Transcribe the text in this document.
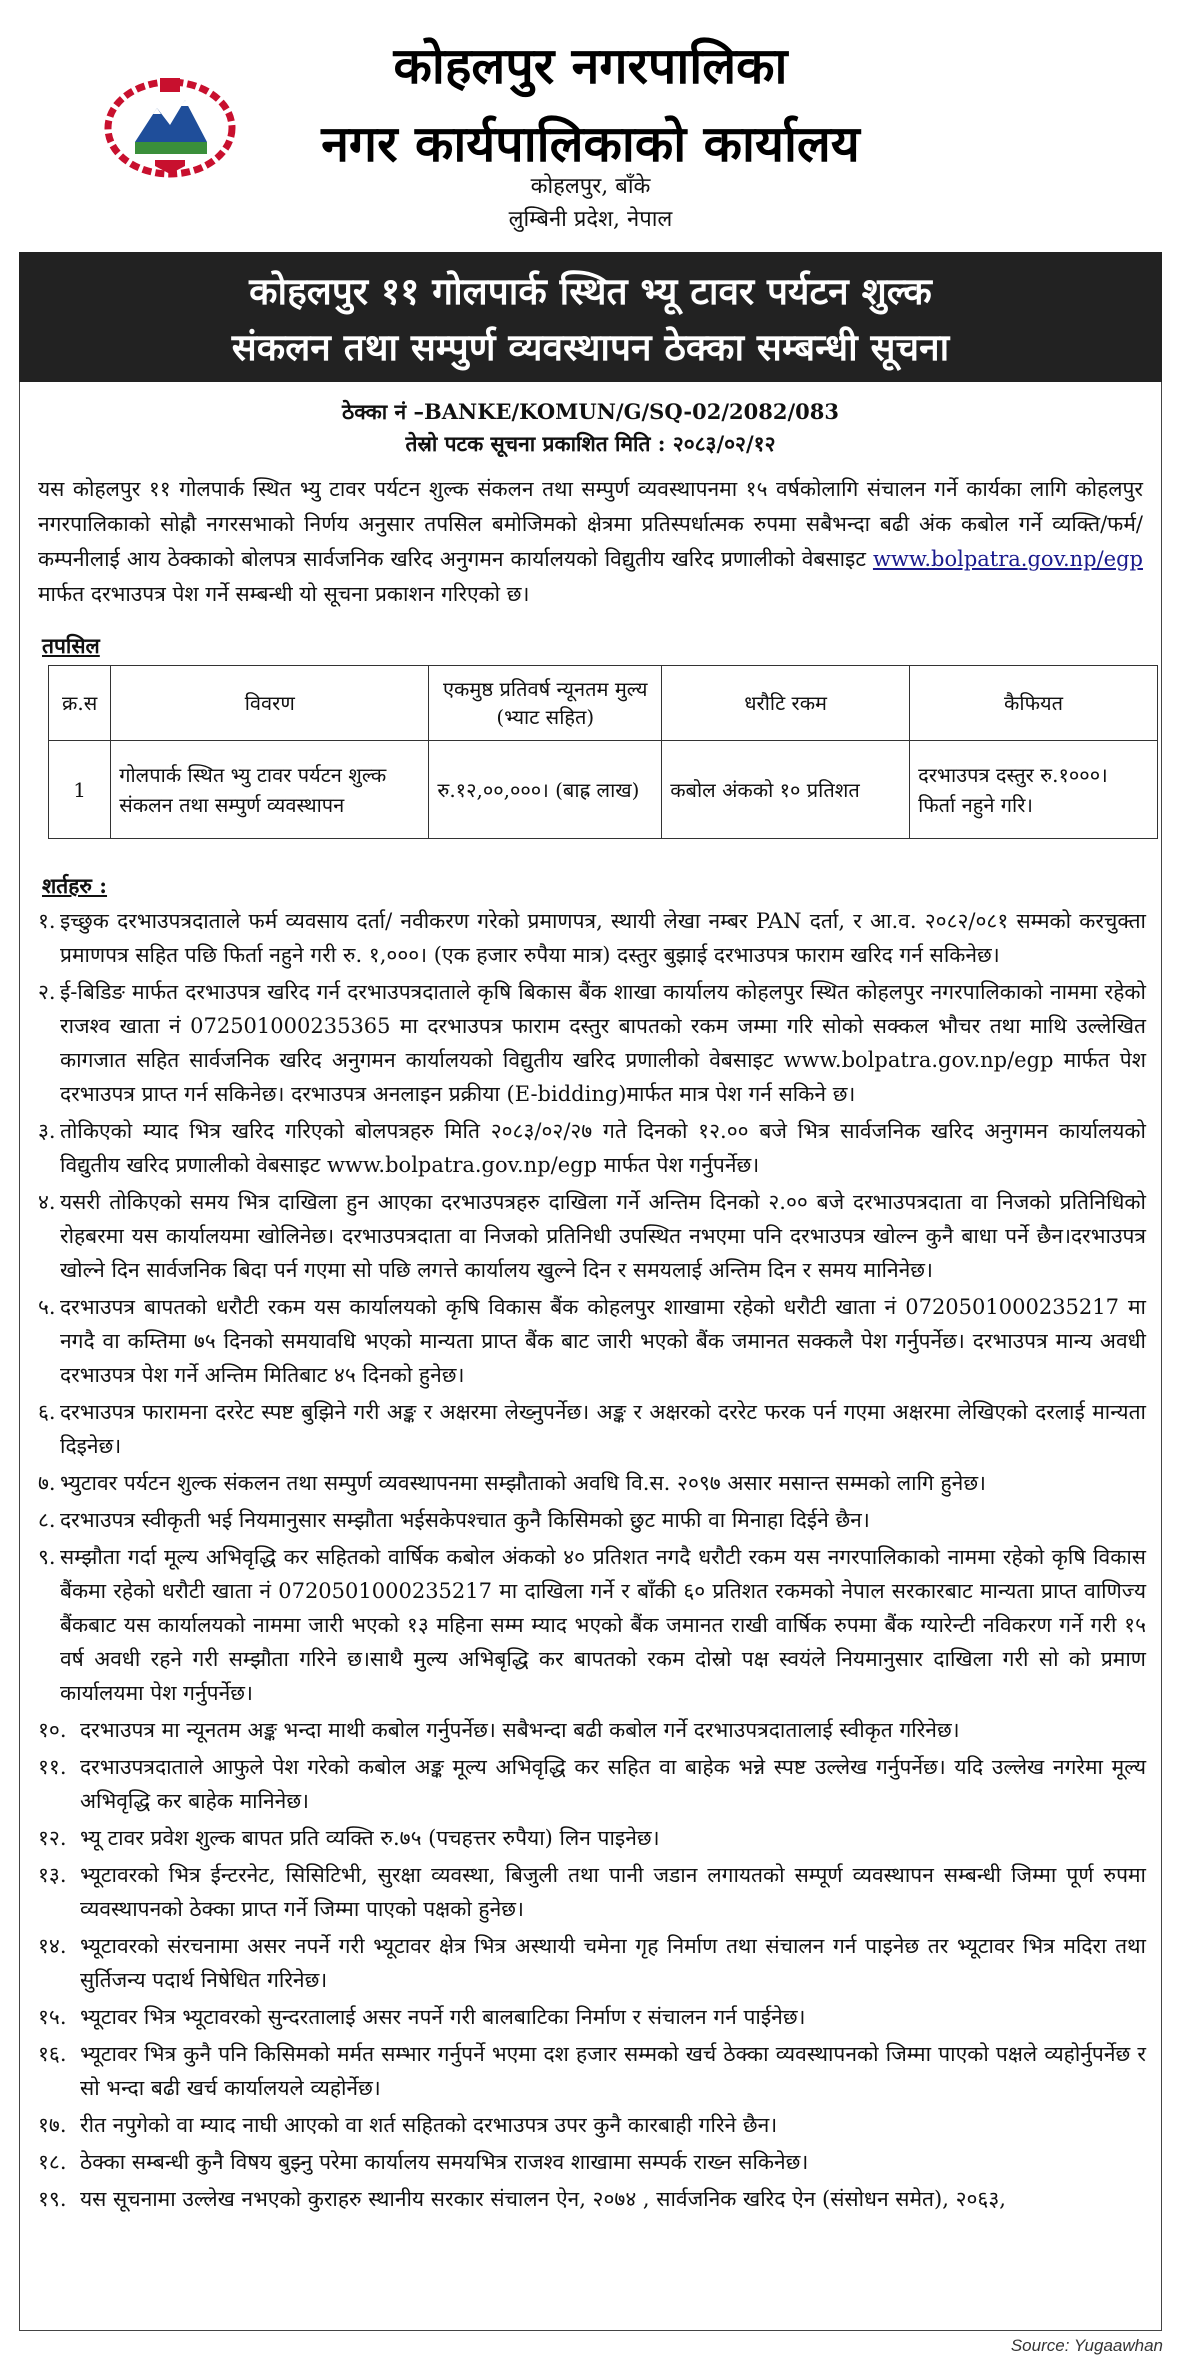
कोहलपुर नगरपालिका
नगर कार्यपालिकाको कार्यालय
कोहलपुर, बाँके
लुम्बिनी प्रदेश, नेपाल
कोहलपुर ११ गोलपार्क स्थित भ्यू टावर पर्यटन शुल्क
संकलन तथा सम्पुर्ण व्यवस्थापन ठेक्का सम्बन्धी सूचना
ठेक्का नं –BANKE/KOMUN/G/SQ-02/2082/083
तेस्रो पटक सूचना प्रकाशित मिति : २०८३/०२/१२
यस कोहलपुर ११ गोलपार्क स्थित भ्यु टावर पर्यटन शुल्क संकलन तथा सम्पुर्ण व्यवस्थापनमा १५ वर्षकोलागि संचालन गर्ने कार्यका लागि कोहलपुर नगरपालिकाको सोह्रौ नगरसभाको निर्णय अनुसार तपसिल बमोजिमको क्षेत्रमा प्रतिस्पर्धात्मक रुपमा सबैभन्दा बढी अंक कबोल गर्ने व्यक्ति/फर्म/कम्पनीलाई आय ठेक्काको बोलपत्र सार्वजनिक खरिद अनुगमन कार्यालयको विद्युतीय खरिद प्रणालीको वेबसाइट www.bolpatra.gov.np/egp मार्फत दरभाउपत्र पेश गर्ने सम्बन्धी यो सूचना प्रकाशन गरिएको छ।
तपसिल
क्र.स	विवरण	एकमुष्ठ प्रतिवर्ष न्यूनतम मुल्य (भ्याट सहित)	धरौटि रकम	कैफियत
1	गोलपार्क स्थित भ्यु टावर पर्यटन शुल्क संकलन तथा सम्पुर्ण व्यवस्थापन	रु.१२,००,०००। (बाह्र लाख)	कबोल अंकको १० प्रतिशत	दरभाउपत्र दस्तुर रु.१०००। फिर्ता नहुने गरि।
शर्तहरु :
१. इच्छुक दरभाउपत्रदाताले फर्म व्यवसाय दर्ता/ नवीकरण गरेको प्रमाणपत्र, स्थायी लेखा नम्बर PAN दर्ता, र आ.व. २०८२/०८१ सम्मको करचुक्ता प्रमाणपत्र सहित पछि फिर्ता नहुने गरी रु. १,०००। (एक हजार रुपैया मात्र) दस्तुर बुझाई दरभाउपत्र फाराम खरिद गर्न सकिनेछ।
२. ई-बिडिङ मार्फत दरभाउपत्र खरिद गर्न दरभाउपत्रदाताले कृषि बिकास बैंक शाखा कार्यालय कोहलपुर स्थित कोहलपुर नगरपालिकाको नाममा रहेको राजश्व खाता नं 072501000235365 मा दरभाउपत्र फाराम दस्तुर बापतको रकम जम्मा गरि सोको सक्कल भौचर तथा माथि उल्लेखित कागजात सहित सार्वजनिक खरिद अनुगमन कार्यालयको विद्युतीय खरिद प्रणालीको वेबसाइट www.bolpatra.gov.np/egp मार्फत पेश दरभाउपत्र प्राप्त गर्न सकिनेछ। दरभाउपत्र अनलाइन प्रक्रीया (E-bidding)मार्फत मात्र पेश गर्न सकिने छ।
३. तोकिएको म्याद भित्र खरिद गरिएको बोलपत्रहरु मिति २०८३/०२/२७ गते दिनको १२.०० बजे भित्र सार्वजनिक खरिद अनुगमन कार्यालयको विद्युतीय खरिद प्रणालीको वेबसाइट www.bolpatra.gov.np/egp मार्फत पेश गर्नुपर्नेछ।
४. यसरी तोकिएको समय भित्र दाखिला हुन आएका दरभाउपत्रहरु दाखिला गर्ने अन्तिम दिनको २.०० बजे दरभाउपत्रदाता वा निजको प्रतिनिधिको रोहबरमा यस कार्यालयमा खोलिनेछ। दरभाउपत्रदाता वा निजको प्रतिनिधी उपस्थित नभएमा पनि दरभाउपत्र खोल्न कुनै बाधा पर्ने छैन।दरभाउपत्र खोल्ने दिन सार्वजनिक बिदा पर्न गएमा सो पछि लगत्ते कार्यालय खुल्ने दिन र समयलाई अन्तिम दिन र समय मानिनेछ।
५. दरभाउपत्र बापतको धरौटी रकम यस कार्यालयको कृषि विकास बैंक कोहलपुर शाखामा रहेको धरौटी खाता नं 0720501000235217 मा नगदै वा कम्तिमा ७५ दिनको समयावधि भएको मान्यता प्राप्त बैंक बाट जारी भएको बैंक जमानत सक्कलै पेश गर्नुपर्नेछ। दरभाउपत्र मान्य अवधी दरभाउपत्र पेश गर्ने अन्तिम मितिबाट ४५ दिनको हुनेछ।
६. दरभाउपत्र फारामना दररेट स्पष्ट बुझिने गरी अङ्क र अक्षरमा लेख्नुपर्नेछ। अङ्क र अक्षरको दररेट फरक पर्न गएमा अक्षरमा लेखिएको दरलाई मान्यता दिइनेछ।
७. भ्युटावर पर्यटन शुल्क संकलन तथा सम्पुर्ण व्यवस्थापनमा सम्झौताको अवधि वि.स. २०९७ असार मसान्त सम्मको लागि हुनेछ।
८. दरभाउपत्र स्वीकृती भई नियमानुसार सम्झौता भईसकेपश्चात कुनै किसिमको छुट माफी वा मिनाहा दिईने छैन।
९. सम्झौता गर्दा मूल्य अभिवृद्धि कर सहितको वार्षिक कबोल अंकको ४० प्रतिशत नगदै धरौटी रकम यस नगरपालिकाको नाममा रहेको कृषि विकास बैंकमा रहेको धरौटी खाता नं 0720501000235217 मा दाखिला गर्ने र बाँकी ६० प्रतिशत रकमको नेपाल सरकारबाट मान्यता प्राप्त वाणिज्य बैंकबाट यस कार्यालयको नाममा जारी भएको १३ महिना सम्म म्याद भएको बैंक जमानत राखी वार्षिक रुपमा बैंक ग्यारेन्टी नविकरण गर्ने गरी १५ वर्ष अवधी रहने गरी सम्झौता गरिने छ।साथै मुल्य अभिबृद्धि कर बापतको रकम दोस्रो पक्ष स्वयंले नियमानुसार दाखिला गरी सो को प्रमाण कार्यालयमा पेश गर्नुपर्नेछ।
१०. दरभाउपत्र मा न्यूनतम अङ्क भन्दा माथी कबोल गर्नुपर्नेछ। सबैभन्दा बढी कबोल गर्ने दरभाउपत्रदातालाई स्वीकृत गरिनेछ।
११. दरभाउपत्रदाताले आफुले पेश गरेको कबोल अङ्क मूल्य अभिवृद्धि कर सहित वा बाहेक भन्ने स्पष्ट उल्लेख गर्नुपर्नेछ। यदि उल्लेख नगरेमा मूल्य अभिवृद्धि कर बाहेक मानिनेछ।
१२. भ्यू टावर प्रवेश शुल्क बापत प्रति व्यक्ति रु.७५ (पचहत्तर रुपैया) लिन पाइनेछ।
१३. भ्यूटावरको भित्र ईन्टरनेट, सिसिटिभी, सुरक्षा व्यवस्था, बिजुली तथा पानी जडान लगायतको सम्पूर्ण व्यवस्थापन सम्बन्धी जिम्मा पूर्ण रुपमा व्यवस्थापनको ठेक्का प्राप्त गर्ने जिम्मा पाएको पक्षको हुनेछ।
१४. भ्यूटावरको संरचनामा असर नपर्ने गरी भ्यूटावर क्षेत्र भित्र अस्थायी चमेना गृह निर्माण तथा संचालन गर्न पाइनेछ तर भ्यूटावर भित्र मदिरा तथा सुर्तिजन्य पदार्थ निषेधित गरिनेछ।
१५. भ्यूटावर भित्र भ्यूटावरको सुन्दरतालाई असर नपर्ने गरी बालबाटिका निर्माण र संचालन गर्न पाईनेछ।
१६. भ्यूटावर भित्र कुनै पनि किसिमको मर्मत सम्भार गर्नुपर्ने भएमा दश हजार सम्मको खर्च ठेक्का व्यवस्थापनको जिम्मा पाएको पक्षले व्यहोर्नुपर्नेछ र सो भन्दा बढी खर्च कार्यालयले व्यहोर्नेछ।
१७. रीत नपुगेको वा म्याद नाघी आएको वा शर्त सहितको दरभाउपत्र उपर कुनै कारबाही गरिने छैन।
१८. ठेक्का सम्बन्धी कुनै विषय बुझ्नु परेमा कार्यालय समयभित्र राजश्व शाखामा सम्पर्क राख्न सकिनेछ।
१९. यस सूचनामा उल्लेख नभएको कुराहरु स्थानीय सरकार संचालन ऐन, २०७४ , सार्वजनिक खरिद ऐन (संसोधन समेत), २०६३,
Source: Yugaawhan
